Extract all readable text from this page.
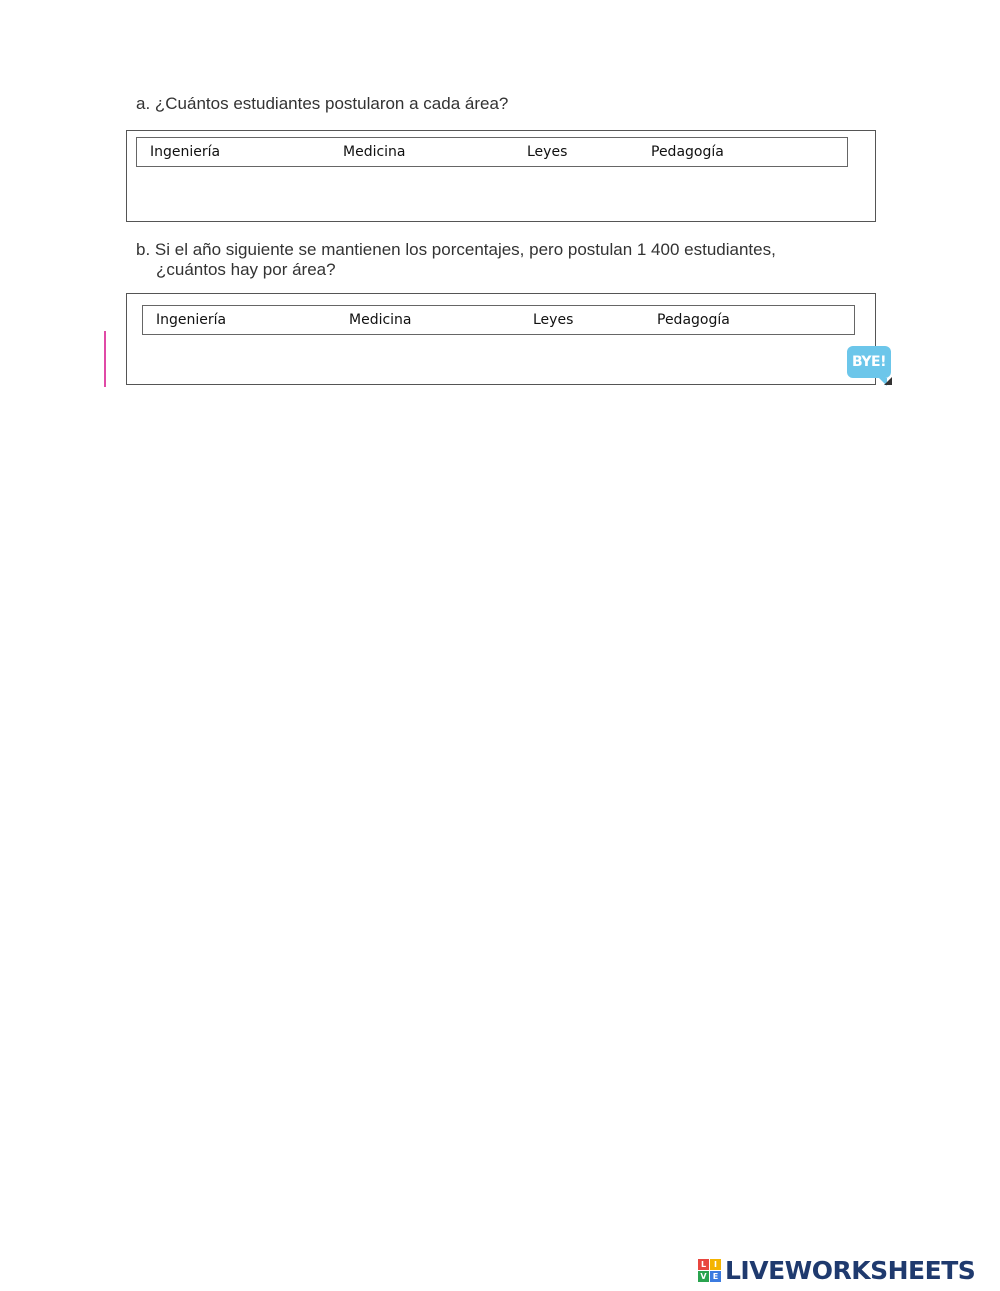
a. ¿Cuántos estudiantes postularon a cada área?
Ingeniería	Medicina	Leyes	Pedagogía
b. Si el año siguiente se mantienen los porcentajes, pero postulan 1 400 estudiantes,
¿cuántos hay por área?
Ingeniería	Medicina	Leyes	Pedagogía
BYE!
L I
V E LIVEWORKSHEETS
